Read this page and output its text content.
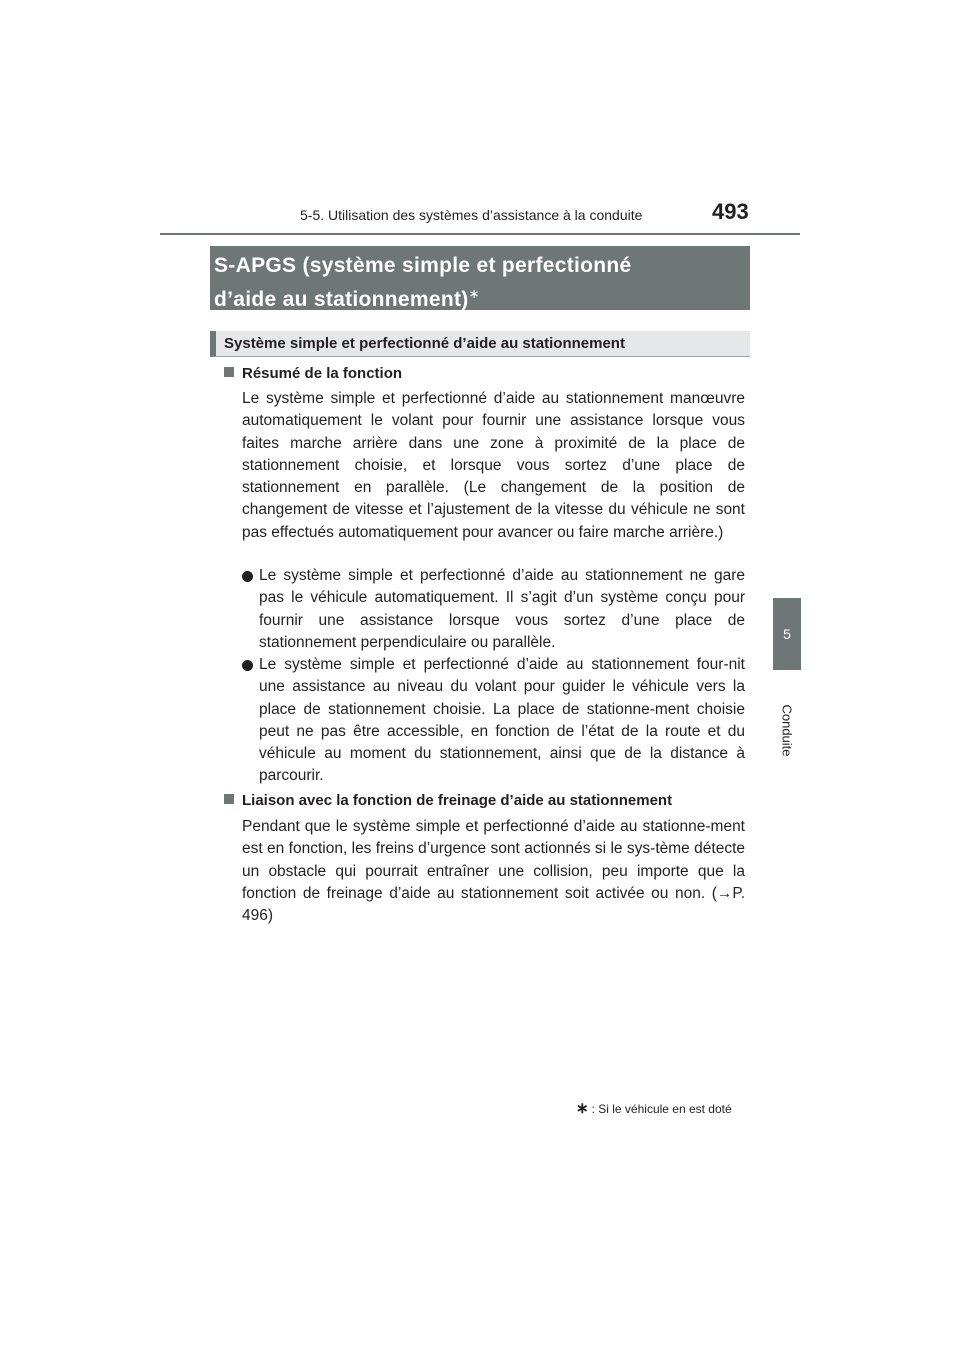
5-5. Utilisation des systèmes d’assistance à la conduite	493
5
Conduite
S-APGS (système simple et perfectionné
d’aide au stationnement)∗
Système simple et perfectionné d’aide au stationnement
Résumé de la fonction

Le système simple et perfectionné d’aide au stationnement manœuvre automatiquement le volant pour fournir une assistance lorsque vous faites marche arrière dans une zone à proximité de la place de stationnement choisie, et lorsque vous sortez d’une place de stationnement en parallèle. (Le changement de la position de changement de vitesse et l’ajustement de la vitesse du véhicule ne sont pas effectués automatiquement pour avancer ou faire marche arrière.)

Le système simple et perfectionné d’aide au stationnement ne gare pas le véhicule automatiquement. Il s’agit d’un système conçu pour fournir une assistance lorsque vous sortez d’une place de stationnement perpendiculaire ou parallèle.

Le système simple et perfectionné d’aide au stationnement four-nit une assistance au niveau du volant pour guider le véhicule vers la place de stationnement choisie. La place de stationne-ment choisie peut ne pas être accessible, en fonction de l’état de la route et du véhicule au moment du stationnement, ainsi que de la distance à parcourir.

Liaison avec la fonction de freinage d’aide au stationnement

Pendant que le système simple et perfectionné d’aide au stationne-ment est en fonction, les freins d’urgence sont actionnés si le sys-tème détecte un obstacle qui pourrait entraîner une collision, peu importe que la fonction de freinage d’aide au stationnement soit activée ou non. (→P. 496)

∗ : Si le véhicule en est doté
